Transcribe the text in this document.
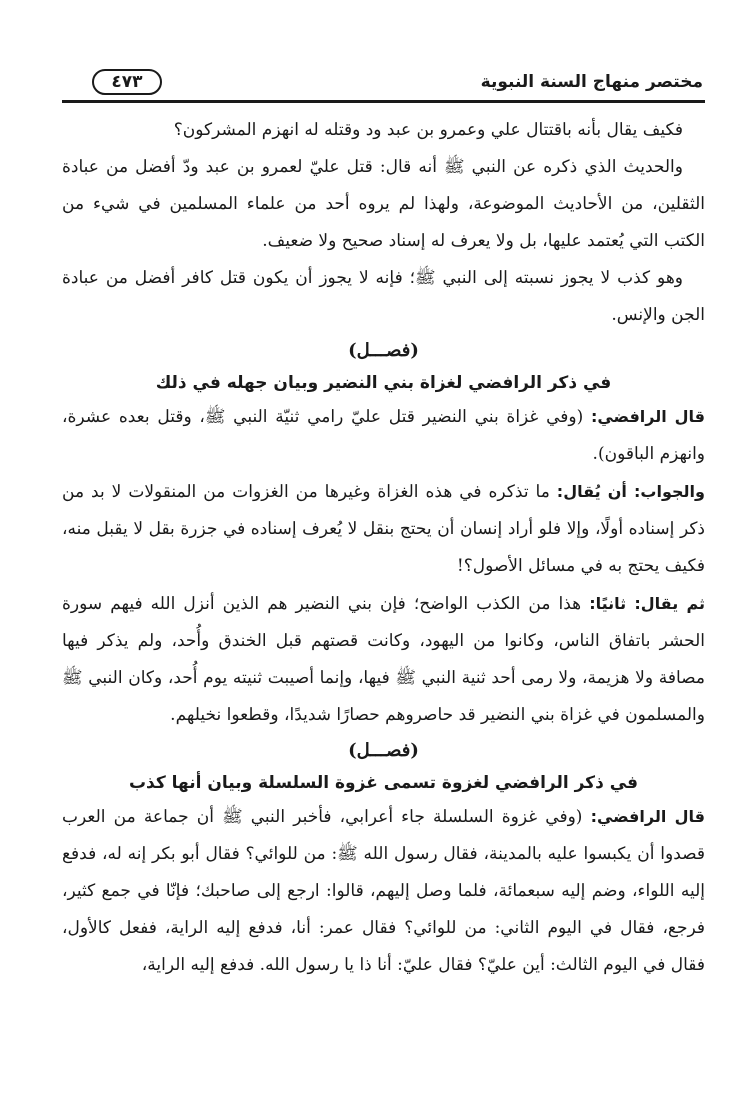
مختصر منهاج السنة النبوية
٤٧٣

فكيف يقال بأنه باقتتال علي وعمرو بن عبد ود وقتله له انهزم المشركون؟

والحديث الذي ذكره عن النبي ﷺ أنه قال: قتل عليّ لعمرو بن عبد ودّ أفضل من عبادة الثقلين، من الأحاديث الموضوعة، ولهذا لم يروه أحد من علماء المسلمين في شيء من الكتب التي يُعتمد عليها، بل ولا يعرف له إسناد صحيح ولا ضعيف.

وهو كذب لا يجوز نسبته إلى النبي ﷺ؛ فإنه لا يجوز أن يكون قتل كافر أفضل من عبادة الجن والإنس.

(فصـــل)

في ذكر الرافضي لغزاة بني النضير وبيان جهله في ذلك

قال الرافضي: (وفي غزاة بني النضير قتل عليّ رامي ثنيّة النبي ﷺ، وقتل بعده عشرة، وانهزم الباقون).

والجواب: أن يُقال: ما تذكره في هذه الغزاة وغيرها من الغزوات من المنقولات لا بد من ذكر إسناده أولًا، وإلا فلو أراد إنسان أن يحتج بنقل لا يُعرف إسناده في جزرة بقل لا يقبل منه، فكيف يحتج به في مسائل الأصول؟!

ثم يقال: ثانيًا: هذا من الكذب الواضح؛ فإن بني النضير هم الذين أنزل الله فيهم سورة الحشر باتفاق الناس، وكانوا من اليهود، وكانت قصتهم قبل الخندق وأُحد، ولم يذكر فيها مصافة ولا هزيمة، ولا رمى أحد ثنية النبي ﷺ فيها، وإنما أصيبت ثنيته يوم أُحد، وكان النبي ﷺ والمسلمون في غزاة بني النضير قد حاصروهم حصارًا شديدًا، وقطعوا نخيلهم.

(فصـــل)

في ذكر الرافضي لغزوة تسمى غزوة السلسلة وبيان أنها كذب

قال الرافضي: (وفي غزوة السلسلة جاء أعرابي، فأخبر النبي ﷺ أن جماعة من العرب قصدوا أن يكبسوا عليه بالمدينة، فقال رسول الله ﷺ: من للوائي؟ فقال أبو بكر إنه له، فدفع إليه اللواء، وضم إليه سبعمائة، فلما وصل إليهم، قالوا: ارجع إلى صاحبك؛ فإنّا في جمع كثير، فرجع، فقال في اليوم الثاني: من للوائي؟ فقال عمر: أنا، فدفع إليه الراية، ففعل كالأول، فقال في اليوم الثالث: أين عليّ؟ فقال عليّ: أنا ذا يا رسول الله. فدفع إليه الراية،
